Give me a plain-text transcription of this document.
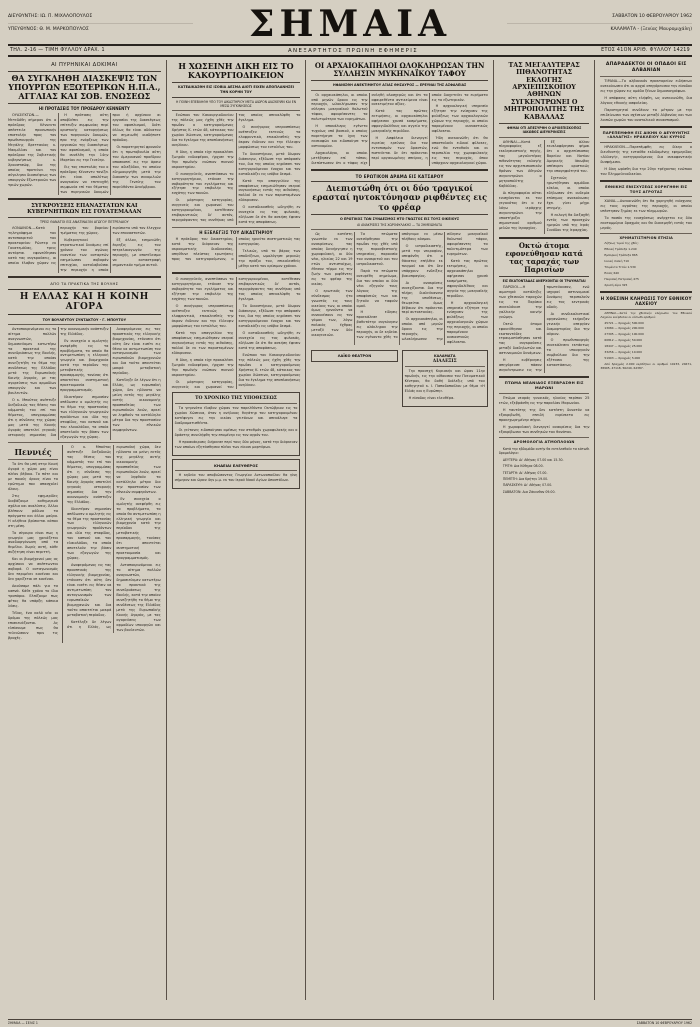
ΔΙΕΥΘΥΝΤΗΣ: ΙΩ. Π. ΜΙΧΑΛΟΠΟΥΛΟΣ
ΥΠΕΥΘΥΝΟΣ: Θ. Μ. ΜΑΡΚΟΠΟΥΛΟΣ	ΣΗΜΑΙΑ	ΣΑΒΒΑΤΟΝ 10 ΦΕΒΡΟΥΑΡΙΟΥ 1962
ΚΑΛΑΜΑΤΑ - (Ξενίας Μαυρομιχάλη)
ΤΗΛ. 2-16 — ΤΙΜΗ ΦΥΛΛΟΥ ΔΡΑΧ. 1	ΑΝΕΞΑΡΤΗΤΟΣ ΠΡΩΙΝΗ ΕΦΗΜΕΡΙΣ	ΕΤΟΣ 41ΟΝ ΑΡΙΘ. ΦΥΛΛΟΥ 14219
ΑΙ ΠΥΡΗΝΙΚΑΙ ΔΟΚΙΜΑΙ
ΘΑ ΣΥΓΚΛΗΘΗ ΔΙΑΣΚΕΨΙΣ ΤΩΝ ΥΠΟΥΡΓΩΝ ΕΞΩΤΕΡΙΚΩΝ Η.Π.Α., ΑΓΓΛΙΑΣ ΚΑΙ ΣΟΒ. ΕΝΩΣΕΩΣ
ΗΙ ΠΡΟΤΑΣΕΙΣ ΤΟΥ ΠΡΟΕΔΡΟΥ ΚΕΝΝΕΝΤΥ

ΟΥΑΣΙΓΚΤΩΝ.— Μετεδόθη σήμερον ότι ο πρόεδρος Κέννεντυ απέστειλε προσωπικήν επιστολήν προς τον πρωθυπουργόν της Μεγάλης Βρεττανίας κ. Μακμίλλαν και τον πρόεδρον της Σοβιετικής κυβερνήσεως κ. Χρουστσώφ, δια της οποίας προτείνει την σύγκλησιν διασκέψεως των υπουργών Εξωτερικών των τριών χωρών.

Η πρότασις αύτη αποβλέπει εις την επίτευξιν συμφωνίας περί οριστικής καταργήσεως των πυρηνικών δοκιμών, προ της ενάρξεως των εργασιών της διασκέψεως του αφοπλισμού, η οποία θα συνέλθη την 14ην Μαρτίου εις την Γενεύην.

Εις τας επιστολάς του ο πρόεδρος Κέννεντυ τονίζει ότι είναι απολύτως αναγκαίον να επιτευχθή συμφωνία επί του θέματος των πυρηνικών δοκιμών πριν ή αρχίσουν αι εργασίαι της διασκέψεως του αφοπλισμού, διότι άλλως θα είναι αδύνατον να σημειωθή οιαδήποτε πρόοδος.

Οι παρατηρηταί φρονούν ότι η πρωτοβουλία αύτη του Αμερικανού προέδρου αποσκοπεί εις την άρσιν του αδιεξόδου, το οποίον εδημιουργήθη μετά την διακοπήν των συνομιλιών της Γενεύης τον παρελθόντα Δεκέμβριον.

ΣΥΓΚΡΟΥΣΕΙΣ ΕΠΑΝΑΣΤΑΤΩΝ ΚΑΙ ΚΥΒΕΡΝΗΤΙΚΩΝ ΕΙΣ ΓΟΥΑΤΕΜΑΛΑΝ
ΤΡΕΙΣ ΘΑΝΑΤΟΙ ΕΙΣ ΑΝΑΤΙΝΑΞΙΝ ΑΓΩΓΟΥ ΠΕΤΡΕΛΑΙΟΥ

ΛΟΝΔΙΝΟΝ.—Κατά τηλεγράφημα του ανταποκριτού του πρακτορείου Ρώυτερ εκ Γουατεμάλας, τρεις αντάρται εφονεύθησαν κατά τας συγκρούσεις, αι οποίαι έλαβον χώραν εις περιοχήν του βορείου τμήματος της χώρας.

Κυβερνητικαί στρατιωτικαί δυνάμεις επί χρόνον του αγώνος εναντίον των ανταρτών εσημείωσαν σοβαράν επιτυχίαν, καταλαβούσαι την περιοχήν η οποία ευρίσκετο υπό τον έλεγχον των επαναστατών.

Εξ άλλου, εσημειώθη έκρηξις εις τον πετρελαιαγωγόν της περιοχής, με αποτέλεσμα να καταστραφή σημαντικόν τμήμα αυτού.

ΑΠΟ ΤΑ ΠΡΑΚΤΙΚΑ ΤΗΣ ΒΟΥΛΗΣ
Η ΕΛΛΑΣ ΚΑΙ Η ΚΟΙΝΗ ΑΓΟΡΑ
ΤΟΥ ΒΟΥΛΕΥΤΟΥ ΣΥΝΤΑΚΤΟΥ - Γ. ΜΠΟΥΤΟΥ

Ανταποκρινόμενοι εις το αίτημα πολλών αναγνωστών, δημοσιεύομεν κατωτέρω τα πρακτικά της συνεδριάσεως της Βουλής, κατά την οποίαν συνεζητήθη το θέμα της συνδέσεως της Ελλάδος μετά της Ευρωπαϊκής Κοινής Αγοράς, με τας αγορεύσεις των αρμοδίων υπουργών και των βουλευτών.

Ο κ. Μπούτος ανέπτυξε διεξοδικώς τας θέσεις του κόμματός του επί του θέματος, υπογραμμίσας ότι η σύνδεσις της χώρας μας μετά της Κοινής Αγοράς αποτελεί γεγονός ιστορικής σημασίας δια την οικονομικήν ανάπτυξιν της Ελλάδος.

Εν συνεχεία ο ομιλητής ανεφέρθη εις τα προβλήματα, τα οποία θα αντιμετωπίση η ελληνική γεωργία και βιομηχανία κατά την περίοδον της μεταβατικής προσαρμογής, τονίσας ότι απαιτείται συστηματική προετοιμασία και προγραμματισμός.

Ιδιαιτέραν σημασίαν απέδωσεν ο ομιλητής εις το θέμα της προστασίας των ελληνικών γεωργικών προϊόντων και ιδία της σταφίδος, του καπνού και του ελαιολάδου, τα οποία αποτελούν την βάσιν των εξαγωγών της χώρας.

Αναφερόμενος εις τας προοπτικάς της ελληνικής βιομηχανίας, ετόνισεν ότι αύτη δεν είναι εισέτι εις θέσιν να αντιμετωπίση τον ανταγωνισμόν των ευρωπαϊκών βιομηχανιών και δια τούτο απαιτείται μακρά μεταβατική περίοδος.

Κατέληξε δε λέγων ότι η Ελλάς, ως ευρωπαϊκή χώρα, δεν ηδύνατο να μείνη εκτός της μεγάλης αυτής οικονομικής προσπαθείας των ευρωπαϊκών λαών, αρκεί να ληφθούν τα κατάλληλα μέτρα δια την προστασίαν των εθνικών συμφερόντων.

Πεννιές

Το ότι θα μπή στην Κοινή Αγορά η χώρα μας είναι πλέον βέβαιο. Το πότε και με ποιούς όρους είναι το ερώτημα που απασχολεί όλους.

Στις εφημερίδες διαβάζουμε καθημερινά σχόλια και αναλύσεις. Άλλοι βλέπουν ρόδινα τα πράγματα και άλλοι μαύρα. Η αλήθεια βρίσκεται κάπου στη μέση.

Το σίγουρο είναι πως η γεωργία μας χρειάζεται αναδιοργάνωση από τα θεμέλια. Χωρίς αυτή, κάθε συζήτηση είναι περιττή.

Και οι βιομήχανοί μας ας αρχίσουν να σκέπτωνται σοβαρά. Ο ανταγωνισμός δεν περιμένει κανέναν και δεν χαρίζεται σε κανέναν.

Ακούσαμε πάλι για τα καπνά. Κάθε χρόνο το ίδιο τροπάριο. Ελπίζουμε πως φέτος θα υπάρξη κάποια λύσις.

Τέλος, ένα καλό νέο: οι δρόμοι της πόλεώς μας επισκευάζονται. Ας ελπίσουμε πως θα τελειώσουν πριν τις βροχές.

Ο κ. Μπούτος ανέπτυξε διεξοδικώς τας θέσεις του κόμματός του επί του θέματος, υπογραμμίσας ότι η σύνδεσις της χώρας μας μετά της Κοινής Αγοράς αποτελεί γεγονός ιστορικής σημασίας δια την οικονομικήν ανάπτυξιν της Ελλάδος.

Ιδιαιτέραν σημασίαν απέδωσεν ο ομιλητής εις το θέμα της προστασίας των ελληνικών γεωργικών προϊόντων και ιδία της σταφίδος, του καπνού και του ελαιολάδου, τα οποία αποτελούν την βάσιν των εξαγωγών της χώρας.

Αναφερόμενος εις τας προοπτικάς της ελληνικής βιομηχανίας, ετόνισεν ότι αύτη δεν είναι εισέτι εις θέσιν να αντιμετωπίση τον ανταγωνισμόν των ευρωπαϊκών βιομηχανιών και δια τούτο απαιτείται μακρά μεταβατική περίοδος.

Κατέληξε δε λέγων ότι η Ελλάς, ως ευρωπαϊκή χώρα, δεν ηδύνατο να μείνη εκτός της μεγάλης αυτής οικονομικής προσπαθείας των ευρωπαϊκών λαών, αρκεί να ληφθούν τα κατάλληλα μέτρα δια την προστασίαν των εθνικών συμφερόντων.

Εν συνεχεία ο ομιλητής ανεφέρθη εις τα προβλήματα, τα οποία θα αντιμετωπίση η ελληνική γεωργία και βιομηχανία κατά την περίοδον της μεταβατικής προσαρμογής, τονίσας ότι απαιτείται συστηματική προετοιμασία και προγραμματισμός.

Ανταποκρινόμενοι εις το αίτημα πολλών αναγνωστών, δημοσιεύομεν κατωτέρω τα πρακτικά της συνεδριάσεως της Βουλής, κατά την οποίαν συνεζητήθη το θέμα της συνδέσεως της Ελλάδος μετά της Ευρωπαϊκής Κοινής Αγοράς, με τας αγορεύσεις των αρμοδίων υπουργών και των βουλευτών.

Η ΧΩΣΕΙΝΗ ΔΙΚΗ ΕΙΣ ΤΟ ΚΑΚΟΥΡΓΙΟΔΙΚΕΙΟΝ
ΚΑΤΕΔΙΚΑΣΘΗ ΕΙΣ ΙΣΟΒΙΑ ΔΕΣΜΑ ΔΙΟΤΙ ΕΙΧΕΝ ΑΠΟΠΛΑΝΗΣΕΙ ΤΗΝ ΚΟΡΗΝ ΤΟΥ
Η ΠΟΙΝΗ ΕΠΕΒΛΗΘΗ ΥΠΟ ΤΟΥ ΔΙΚΑΣΤΗΡΙΟΥ ΜΕΤΑ ΔΙΩΡΟΝ ΔΙΑΣΚΕΨΙΝ ΚΑΙ ΕΝ ΜΕΣΩ ΣΥΓΚΙΝΗΣΕΩΣ

Ενώπιον του Κακουργιοδικείου της πόλεώς μας ήχθη χθές την πρωΐαν ο κατηγορούμενος Χρήστος Κ. ετών 48, κάτοικος του χωρίου Χώσεινα, κατηγορούμενος δια το έγκλημα της αποπλανήσεως ανηλίκου.

Η δίκη, η οποία είχε προκαλέσει ζωηρόν ενδιαφέρον, ήρχισε την 9ην πρωϊνήν ενώπιον πυκνού ακροατηρίου.

Ο εισαγγελεύς, αναπτύσσων το κατηγορητήριον, ετόνισε την σοβαρότητα του εγκλήματος και εζήτησε την επιβολήν της εσχάτης των ποινών.

Οι μάρτυρες κατηγορίας, συγγενείς και χωριανοί του κατηγορουμένου, κατέθεσαν επιβαρυντικώς δι' αυτόν, περιγράψαντες τας συνθήκας υπό τας οποίας απεκαλύφθη το έγκλημα.

Ο συνήγορος υπερασπίσεως ανέπτυξεν εκτενώς τα ελαφρυντικά, επικαλεσθείς την άκραν ένδειαν και την έλλειψιν μορφώσεως του εντολέως του.

Το δικαστήριον, μετά δίωρον διάσκεψιν, εξέδωσε την απόφασίν του, δια της οποίας κηρύσσει τον κατηγορούμενον ένοχον και τον καταδικάζει εις ισόβια δεσμά.

Κατά την απαγγελίαν της αποφάσεως εσημειώθησαν σκηναί συγκινήσεως εντός της αιθούσης, πολλοί δε εκ των παρισταμένων εδάκρυσαν.

Ο καταδικασθείς ωδηγήθη εν συνεχεία εις τας φυλακάς, εδήλωσε δε ότι θα ασκήση έφεσιν κατά της αποφάσεως.

Η ΕΞΕΛΕΓΞΙΣ ΤΟΥ ΔΙΚΑΣΤΗΡΙΟΥ

Η πρόεδρος του δικαστηρίου, κατά την διάρκειαν της ακροαματικής διαδικασίας, απηύθυνε πλείστας ερωτήσεις προς τον κατηγορούμενον, ο οποίος ηρνείτο συστηματικώς τας κατηγορίας.

Τελικώς, υπό το βάρος των αποδείξεων, ωμολόγησε μερικώς την πράξιν του, επικαλεσθείς μέθην κατά τον κρίσιμον χρόνον.

Ο εισαγγελεύς, αναπτύσσων το κατηγορητήριον, ετόνισε την σοβαρότητα του εγκλήματος και εζήτησε την επιβολήν της εσχάτης των ποινών.

Ο συνήγορος υπερασπίσεως ανέπτυξεν εκτενώς τα ελαφρυντικά, επικαλεσθείς την άκραν ένδειαν και την έλλειψιν μορφώσεως του εντολέως του.

Κατά την απαγγελίαν της αποφάσεως εσημειώθησαν σκηναί συγκινήσεως εντός της αιθούσης, πολλοί δε εκ των παρισταμένων εδάκρυσαν.

Η δίκη, η οποία είχε προκαλέσει ζωηρόν ενδιαφέρον, ήρχισε την 9ην πρωϊνήν ενώπιον πυκνού ακροατηρίου.

Οι μάρτυρες κατηγορίας, συγγενείς και χωριανοί του κατηγορουμένου, κατέθεσαν επιβαρυντικώς δι' αυτόν, περιγράψαντες τας συνθήκας υπό τας οποίας απεκαλύφθη το έγκλημα.

Το δικαστήριον, μετά δίωρον διάσκεψιν, εξέδωσε την απόφασίν του, δια της οποίας κηρύσσει τον κατηγορούμενον ένοχον και τον καταδικάζει εις ισόβια δεσμά.

Ο καταδικασθείς ωδηγήθη εν συνεχεία εις τας φυλακάς, εδήλωσε δε ότι θα ασκήση έφεσιν κατά της αποφάσεως.

Ενώπιον του Κακουργιοδικείου της πόλεώς μας ήχθη χθές την πρωΐαν ο κατηγορούμενος Χρήστος Κ. ετών 48, κάτοικος του χωρίου Χώσεινα, κατηγορούμενος δια το έγκλημα της αποπλανήσεως ανηλίκου.

ΤΟ ΧΡΟΝΙΚΟ ΤΗΣ ΥΠΟΘΕΣΕΩΣ

Τα γεγονότα έλαβον χώραν τον παρελθόντα Οκτώβριον εις το χωρίον Χώσεινα, όταν η ανήλικος θυγάτηρ του κατηγορουμένου κατέφυγεν εις την οικίαν γειτόνων και απεκάλυψε τα διαδραματισθέντα.

Οι γείτονες ειδοποίησαν αμέσως τον σταθμόν χωροφυλακής και ο δράστης συνελήφθη την επομένην εις τον αγρόν του.

Η προανάκρισις διήρκεσε περί τους δύο μήνας, κατά την διάρκειαν των οποίων εξητάσθησαν πλέον των είκοσι μαρτύρων.

ΚΗΔΕΙΑΙ ΕΛΕΥΘΕΡΟΣ

Η κηδεία του αποβιώσαντος Γεωργίου Αντωνοπούλου θα γίνη σήμερον και ώραν 4ην μ.μ. εκ του Ιερού Ναού Αγίων Αποστόλων.

ΟΙ ΑΡΧΑΙΟΚΑΠΗΛΟΙ ΩΛΟΚΛΗΡΩΣΑΝ ΤΗΝ ΣΥΛΛΗΣΙΝ ΜΥΚΗΝΑΪΚΟΥ ΤΑΦΟΥ
ΗΦΑΝΙΣΘΗ ΑΝΕΚΤΙΜΗΤΟΥ ΑΞΙΑΣ ΘΗΣΑΥΡΟΣ — ΕΡΕΥΝΑΙ ΤΗΣ ΑΣΦΑΛΕΙΑΣ

Οι αρχαιοκάπηλοι, οι οποίοι από μηνών δρουν εις την περιοχήν, ωλοκλήρωσαν την σύλησιν μυκηναϊκού θολωτού τάφου, αφαιρέσαντες τα πολυτιμότερα των ευρημάτων.

Η αποκάλυψις εγένετο τυχαίως υπό βοσκού, ο οποίος παρετήρησε τα ίχνη των εκσκαφών και ειδοποίησε την αστυνομίαν.

Αρχαιολόγοι, οι οποίοι μετέβησαν επί τόπου, διεπίστωσαν ότι ο τάφος είχε συληθή ολοσχερώς και ότι τα αφαιρεθέντα αντικείμενα είναι ανεκτιμήτου αξίας.

Κατά τας πρώτας εκτιμήσεις, οι αρχαιοκάπηλοι αφήρεσαν χρυσά κοσμήματα, σφραγιδολίθους και αγγεία της μυκηναϊκής περιόδου.

Η Ασφάλεια διενεργεί ευρείας ερεύνας δια τον εντοπισμόν των δραστών, πιστεύεται δε ότι πρόκειται περί οργανωμένης σπείρας, η οποία διοχετεύει τα ευρήματα εις το εξωτερικόν.

Η αρχαιολογική υπηρεσία εζήτησε την ενίσχυσιν της φυλάξεως των αρχαιολογικών χώρων της περιοχής, οι οποίοι παραμένουν ουσιαστικώς αφύλακτοι.

Ήδη ανεκοινώθη ότι θα αποσταλούν ειδικοί φύλακες, ενώ θα ενταθούν και αι περιπολίαι της χωροφυλακής εις τας περιοχάς, όπου υπάρχουν αρχαιολογικοί χώροι.

ΤΟ ΕΡΩΤΙΚΟΝ ΔΡΑΜΑ ΕΙΣ ΚΑΤΣΑΡΟΥ
Διεπιστώθη ότι οι δύο τραγικοί ερασταί ηυτοκτόνησαν ριφθέντες εις το φρέαρ
Ο ΕΡΩΤΙΚΟΣ ΤΩΝ ΣΥΝΔΕΣΜΟΣ ΗΤΟ ΓΝΩΣΤΟΣ ΕΙΣ ΤΟΥΣ ΟΙΚΕΙΟΥΣ
ΑΙ ΑΝΑΚΡΙΣΕΙΣ ΤΗΣ ΧΩΡΟΦΥΛΑΚΗΣ — ΤΑ ΣΗΜΕΙΩΜΑΤΑ

Ως κατέστη γνωστόν εκ των ανακρίσεων, τας οποίας διενήργησεν η χωροφυλακή, οι δύο νέοι, ηλικίας 22 και 19 ετών αντιστοίχως, έθεσαν τέρμα εις την ζωήν των ριφθέντες εις το φρέαρ της οικίας.

Ο ερωτικός των σύνδεσμος ήτο γνωστός εις τους οικείους των, οι οποίοι όμως ηρνούντο να συναινέσουν εις τον γάμον των, λόγω παλαιάς έχθρας μεταξύ των δύο οικογενειών.

Τα πτώματα ανεσύρθησαν την πρωΐαν της χθές υπό της πυροσβεστικής υπηρεσίας, παρουσία του ανακριτού και του ιατροδικαστού.

Παρά τα πτώματα ανευρέθη σημείωμα, δια του οποίου οι δύο νέοι εξηγούν τους λόγους της αποφάσεώς των και ζητούν να ταφούν ομού.

Η είδησις προεκάλεσε βαθυτάτην συγκίνησιν εις ολόκληρον την περιοχήν, αι δε κηδείαι των εγένοντο χθές το απόγευμα εν μέσω πλήθους κόσμου.

Ο ιατροδικαστής, μετά την νεκροψίαν, απεφάνθη ότι ο θάνατος επήλθεν εκ πνιγμού και ότι δεν υπάρχουν ενδείξεις βιαιοπραγίας.

Αι ανακρίσεις συνεχίζονται δια την πλήρη διαλεύκανσιν της υποθέσεως, θεωρείται όμως βέβαιον ότι πρόκειται περί αυτοκτονίας.

Οι αρχαιοκάπηλοι, οι οποίοι από μηνών δρουν εις την περιοχήν, ωλοκλήρωσαν την σύλησιν μυκηναϊκού θολωτού τάφου, αφαιρέσαντες τα πολυτιμότερα των ευρημάτων.

Κατά τας πρώτας εκτιμήσεις, οι αρχαιοκάπηλοι αφήρεσαν χρυσά κοσμήματα, σφραγιδολίθους και αγγεία της μυκηναϊκής περιόδου.

Η αρχαιολογική υπηρεσία εζήτησε την ενίσχυσιν της φυλάξεως των αρχαιολογικών χώρων της περιοχής, οι οποίοι παραμένουν ουσιαστικώς αφύλακτοι.

ΛΑΪΚΟ ΘΕΑΤΡΟΝ	ΚΑΛΑΜΑΤΑ
ΔΙΑΛΕΞΙΣ

Την προσεχή Κυριακήν και ώραν 11ην πρωϊνήν, εις την αίθουσαν του Πνευματικού Κέντρου, θα δοθή διάλεξις υπό του καθηγητού κ. Ι. Παπαδοπούλου με θέμα «Η Ελλάς και η Ευρώπη».

Η είσοδος είναι ελευθέρα.

ΤΑΣ ΜΕΓΑΛΥΤΕΡΑΣ ΠΙΘΑΝΟΤΗΤΑΣ ΕΚΛΟΓΗΣ ΑΡΧΙΕΠΙΣΚΟΠΟΥ ΑΘΗΝΩΝ ΣΥΓΚΕΝΤΡΩΝΕΙ Ο ΜΗΤΡΟΠΟΛΙΤΗΣ ΤΗΣ ΚΑΒΑΛΛΑΣ
ΦΗΜΑΙ ΟΤΙ ΑΠΕΣΥΡΘΗ Ο ΑΡΧΙΕΠΙΣΚΟΠΟΣ ΙΑΚΩΒΟΣ ΔΙΕΥΚΡΙΝΙΣΕΙΣ

ΑΘΗΝΑΙ.—Κατά πληροφορίας εξ εκκλησιαστικής πηγής, τας μεγαλυτέρας πιθανότητας εκλογής εις τον αρχιεπισκοπικόν θρόνον των Αθηνών συγκεντρώνει ο μητροπολίτης Καβάλλας.

Αι πληροφορίαι αύται ενισχύονται εκ του γεγονότος ότι ο εν λόγω ιεράρχης συγκεντρώνει την υποστήριξιν σημαντικού αριθμού μελών της Ιεραρχίας.

Εξ άλλου εκυκλοφόρησαν φήμαι ότι ο αρχιεπίσκοπος Βορείου και Νοτίου Αμερικής Ιάκωβος απέσυρεν οριστικώς την υποψηφιότητά του.

Σχετικώς ηρωτήθησαν αρμόδιοι κύκλοι, οι οποίοι εδήλωσαν ότι ουδεμία επίσημος ανακοίνωσις έχει γίνει μέχρι στιγμής.

Η εκλογή θα διεξαχθή εντός των προσεχών ημερών υπό της Ιεράς Συνόδου της Ιεραρχίας.

Οκτώ άτομα εφονεύθησαν κατά τας ταραχάς των Παρισίων
ΕΙΣ ΕΚΑΤΟΝΤΑΔΑΣ ΑΝΕΡΧΟΝΤΑΙ ΟΙ ΤΡΑΥΜΑΤΙΑΙ

ΠΑΡΙΣΙΟΙ.—Η αιματηρά κατάληξις των χθεσινών ταραχών εις τα Παρίσια συνεκλόνισε την γαλλικήν κοινήν γνώμην.

Οκτώ άτομα εφονεύθησαν και εκατοντάδες ετραυματίσθησαν κατά τας συγκρούσεις μεταξύ διαδηλωτών και αστυνομικών δυνάμεων.

Η κυβέρνησις απηγόρευσε πάσαν συγκέντρωσιν εις την πρωτεύουσαν, ενώ ισχυραί αστυνομικαί δυνάμεις περιπολούν εις τας κεντρικάς οδούς.

Αι συνδικαλιστικαί οργανώσεις εκήρυξαν γενικήν απεργίαν διαμαρτυρίας δια την αύριον.

Ο πρωθυπουργός συνεκάλεσεν εκτάκτως το υπουργικόν συμβούλιον δια την εξέτασιν της καταστάσεως.

ΠΤΩΜΑ ΝΕΑΝΙΔΟΣ ΕΞΕΒΡΑΣΘΗ ΕΙΣ ΜΑΡΩΝΙ

Πτώμα νεαράς γυναικός, ηλικίας περίπου 25 ετών, εξεβράσθη εις την παραλίαν Μαρωνίου.

Η ταυτότης της δεν κατέστη δυνατόν να εξακριβωθή, επειδή ευρίσκετο εις προκεχωρημένην σήψιν.

Η χωροφυλακή διενεργεί ανακρίσεις δια την εξακρίβωσιν των συνθηκών του θανάτου.

ΔΡΟΜΟΛΟΓΙΑ ΑΤΜΟΠΛΟΙΩΝ

Κατά την εβδομάδα αυτήν θα εκτελεσθούν τα κάτωθι δρομολόγια:

ΔΕΥΤΕΡΑ: Δι' Αθήνας 07.00 και 15.30.

ΤΡΙΤΗ: Δια Κύθηρα 08.00.

ΤΕΤΑΡΤΗ: Δι' Αθήνας 07.00.

ΠΕΜΠΤΗ: Δια Κρήτην 19.00.

ΠΑΡΑΣΚΕΥΗ: Δι' Αθήνας 07.00.

ΣΑΒΒΑΤΟΝ: Δια Ζάκυνθον 09.00.

ΑΠΑΡΑΔΕΚΤΟΙ ΟΙ ΟΠΑΔΟΙ ΕΙΣ ΑΛΒΑΝΙΑΝ

ΤΙΡΑΝΑ.—Το αλβανικόν πρακτορείον ειδήσεων ανεκοίνωσεν ότι αι αρχαί απηγόρευσαν την είσοδον εις την χώραν εις ομάδα ξένων δημοσιογράφων.

Η απόφασις αύτη ελήφθη, ως ανεκοινώθη, δια λόγους εθνικής ασφαλείας.

Παρατηρηταί συνδέουν το μέτρον με την επιδείνωσιν των σχέσεων μεταξύ Αλβανίας και των λοιπών χωρών του ανατολικού συνασπισμού.

ΠΑΡΕΠΕΜΦΘΗ ΕΙΣ ΔΙΚΗΝ Ο ΔΕΥΘΥΝΤΗΣ «ΑΛΛΑΓΗΣ» ΗΡΑΚΛΕΙΟΥ ΚΑΙ ΚΥΡΙΟΣ

ΗΡΑΚΛΕΙΟΝ.—Παρεπέμφθη εις δίκην ο διευθυντής της ενταύθα εκδιδομένης εφημερίδος «Αλλαγή», κατηγορούμενος δια συκοφαντικήν δυσφήμισιν.

Η δίκη ωρίσθη δια την 20ην τρέχοντος ενώπιον του Πλημμελειοδικείου.

ΕΘΝΙΚΗΣ ΕΝΙΣΧΥΣΕΩΣ ΧΟΡΗΓΗΘΗ ΕΙΣ ΤΟΥΣ ΑΓΡΟΤΑΣ

ΧΑΝΙΑ.—Ανεκοινώθη ότι θα χορηγηθή ενίσχυσις εις τους αγρότας της περιοχής, οι οποίοι υπέστησαν ζημίας εκ των πλημμυρών.

Το ποσόν της ενισχύσεως ανέρχεται εις δύο εκατομμύρια δραχμάς και θα διανεμηθή εντός του μηνός.

ΧΡΗΜΑΤΙΣΤΗΡΙΟΝ ΕΤΗΣΙΑ

Λήξεως τιμαί της χθές:

Εθνική Τράπεζα 1.240

Εμπορική Τράπεζα 865

Ιονική Λαϊκή 710

Τσιμέντα Τιτάν 1.530

Ελαϊς 640

Πειραϊκή Πατραϊκή 475

Χρυσή λίρα 325

Η ΧΘΕΣΙΝΗ ΚΛΗΡΩΣΙΣ ΤΟΥ ΕΘΝΙΚΟΥ ΛΑΧΕΙΟΥ

ΑΘΗΝΑΙ.—Κατά την χθεσινήν κλήρωσιν του Εθνικού Λαχείου εκέρδισαν οι κάτωθι αριθμοί:

45721 — δραχμάς 500.000

13084 — δραχμάς 200.000

27395 — δραχμάς 100.000

60812 — δραχμάς 50.000

18447 — δραχμάς 25.000

33256 — δραχμάς 10.000

51903 — δραχμάς 5.000

Από δραχμάς 2.000 κερδίζουν οι αριθμοί 10233, 24671, 38905, 47118, 56240, 62387.

ΣΗΜΑΙΑ — ΣΕΛΙΣ 1	ΣΑΒΒΑΤΟΝ 10 ΦΕΒΡΟΥΑΡΙΟΥ 1962
